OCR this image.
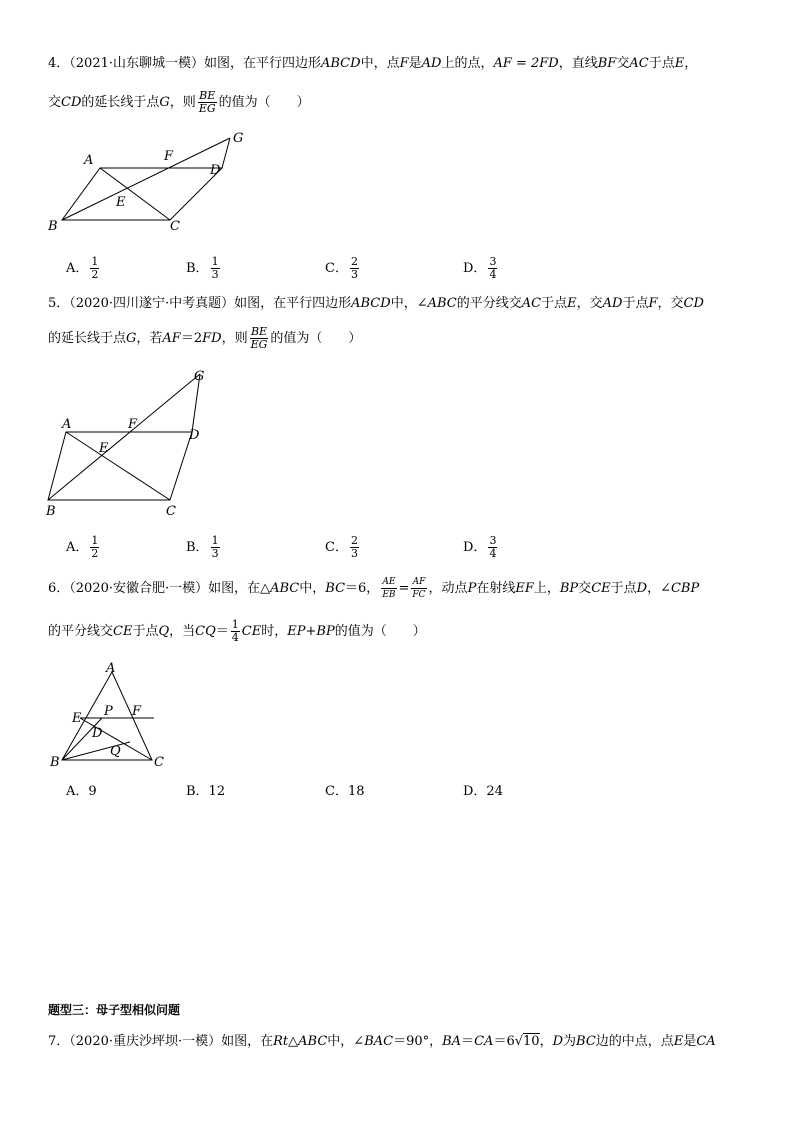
4．（2021·山东聊城一模）如图，在平行四边形ABCD中，点F是AD上的点，AF = 2FD，直线BF交AC于点E，
交CD的延长线于点G，则 $\frac{BE}{EG}$ 的值为（　　）
A	F
G
D
E
B	C
A． $\frac{1}{2}$	B． $\frac{1}{3}$	C． $\frac{2}{3}$	D． $\frac{3}{4}$
5．（2020·四川遂宁·中考真题）如图，在平行四边形ABCD中，∠ABC的平分线交AC于点E，交AD于点F，交CD
的延长线于点G，若AF＝2FD，则 $\frac{BE}{EG}$ 的值为（　　）
A	F
G
D
E
B	C
A． $\frac{1}{2}$	B． $\frac{1}{3}$	C． $\frac{2}{3}$	D． $\frac{3}{4}$
6．（2020·安徽合肥·一模）如图，在△ABC中，BC＝6， $\frac{AE}{EB} = \frac{AF}{FC}$ ，动点P在射线EF上，BP交CE于点D，∠CBP
的平分线交CE于点Q，当$CQ= \frac{1}{4}$ CE时，EP+BP的值为（　　）
A
E P F
D
Q
B	C
A．9	B．12	C．18	D．24
题型三：母子型相似问题
7．（2020·重庆沙坪坝·一模）如图，在Rt△ABC中，∠BAC＝90°，BA＝CA＝6√10，D为BC边的中点，点E是CA
